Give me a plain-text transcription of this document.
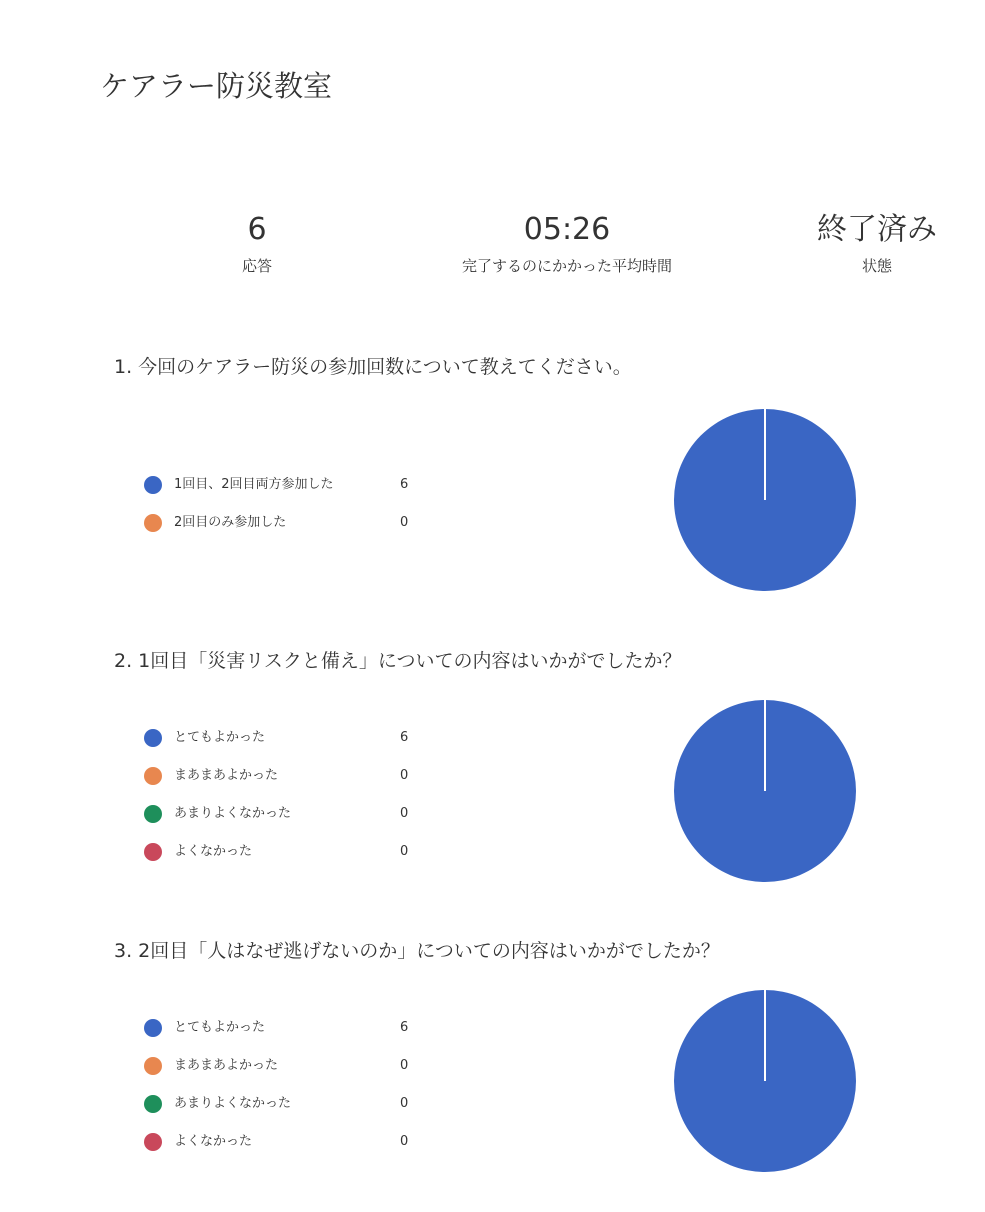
ケアラー防災教室
6
応答
05:26
完了するのにかかった平均時間
終了済み
状態
1. 今回のケアラー防災の参加回数について教えてください。
1回目、2回目両方参加した	6
2回目のみ参加した	0
2. 1回目「災害リスクと備え」についての内容はいかがでしたか？
とてもよかった	6
まあまあよかった	0
あまりよくなかった	0
よくなかった	0
3. 2回目「人はなぜ逃げないのか」についての内容はいかがでしたか？
とてもよかった	6
まあまあよかった	0
あまりよくなかった	0
よくなかった	0
